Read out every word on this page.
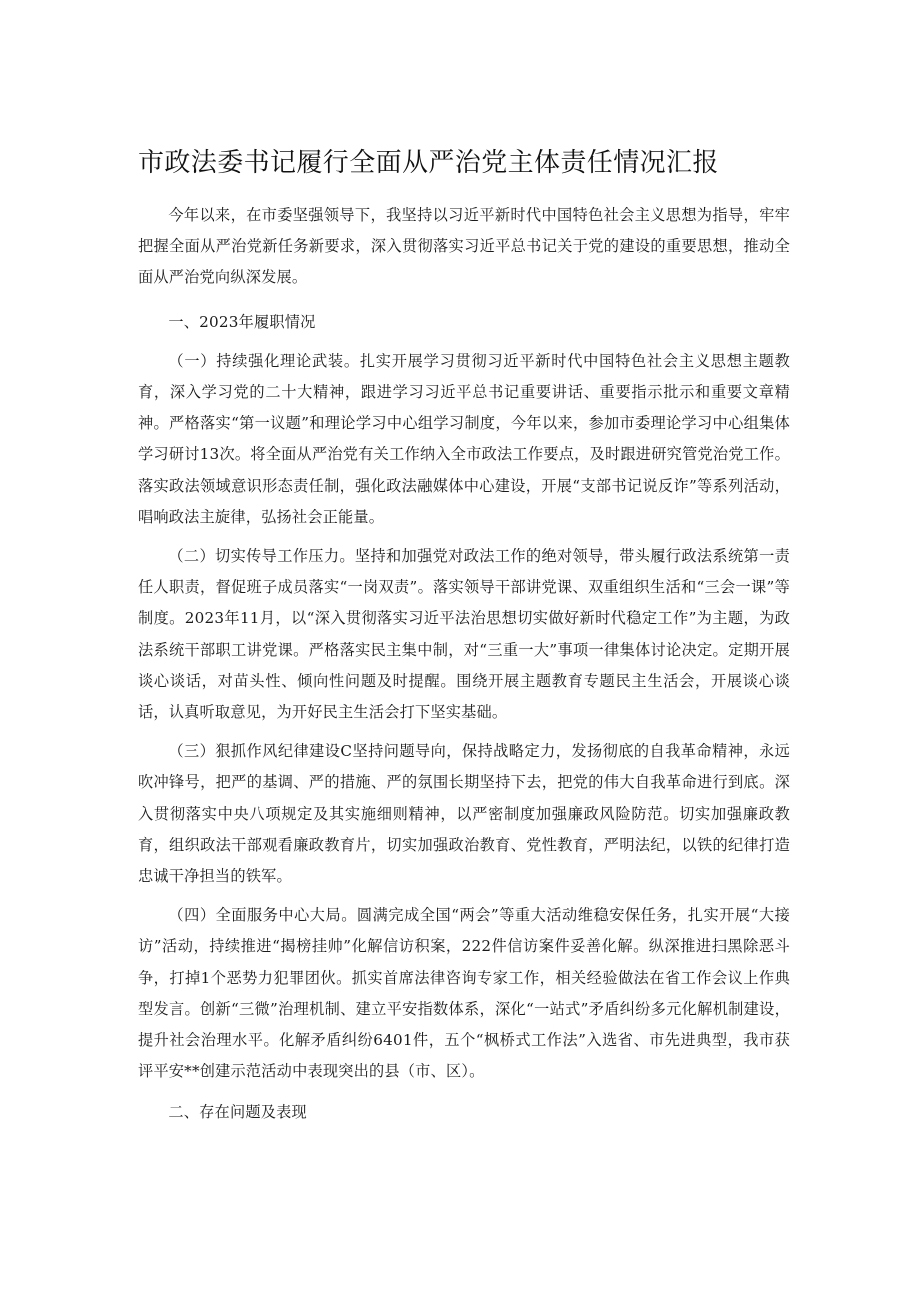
市政法委书记履行全面从严治党主体责任情况汇报

今年以来，在市委坚强领导下，我坚持以习近平新时代中国特色社会主义思想为指导，牢牢把握全面从严治党新任务新要求，深入贯彻落实习近平总书记关于党的建设的重要思想，推动全面从严治党向纵深发展。

一、2023年履职情况

（一）持续强化理论武装。扎实开展学习贯彻习近平新时代中国特色社会主义思想主题教育，深入学习党的二十大精神，跟进学习习近平总书记重要讲话、重要指示批示和重要文章精神。严格落实“第一议题”和理论学习中心组学习制度，今年以来，参加市委理论学习中心组集体学习研讨13次。将全面从严治党有关工作纳入全市政法工作要点，及时跟进研究管党治党工作。落实政法领域意识形态责任制，强化政法融媒体中心建设，开展“支部书记说反诈”等系列活动，唱响政法主旋律，弘扬社会正能量。

（二）切实传导工作压力。坚持和加强党对政法工作的绝对领导，带头履行政法系统第一责任人职责，督促班子成员落实“一岗双责”。落实领导干部讲党课、双重组织生活和“三会一课”等制度。2023年11月，以“深入贯彻落实习近平法治思想切实做好新时代稳定工作”为主题，为政法系统干部职工讲党课。严格落实民主集中制，对“三重一大”事项一律集体讨论决定。定期开展谈心谈话，对苗头性、倾向性问题及时提醒。围绕开展主题教育专题民主生活会，开展谈心谈话，认真听取意见，为开好民主生活会打下坚实基础。

（三）狠抓作风纪律建设C坚持问题导向，保持战略定力，发扬彻底的自我革命精神，永远吹冲锋号，把严的基调、严的措施、严的氛围长期坚持下去，把党的伟大自我革命进行到底。深入贯彻落实中央八项规定及其实施细则精神，以严密制度加强廉政风险防范。切实加强廉政教育，组织政法干部观看廉政教育片，切实加强政治教育、党性教育，严明法纪，以铁的纪律打造忠诚干净担当的铁军。

（四）全面服务中心大局。圆满完成全国“两会”等重大活动维稳安保任务，扎实开展“大接访”活动，持续推进“揭榜挂帅”化解信访积案，222件信访案件妥善化解。纵深推进扫黑除恶斗争，打掉1个恶势力犯罪团伙。抓实首席法律咨询专家工作，相关经验做法在省工作会议上作典型发言。创新“三微”治理机制、建立平安指数体系，深化“一站式”矛盾纠纷多元化解机制建设，提升社会治理水平。化解矛盾纠纷6401件，五个“枫桥式工作法”入选省、市先进典型，我市获评平安**创建示范活动中表现突出的县（市、区）。

二、存在问题及表现
